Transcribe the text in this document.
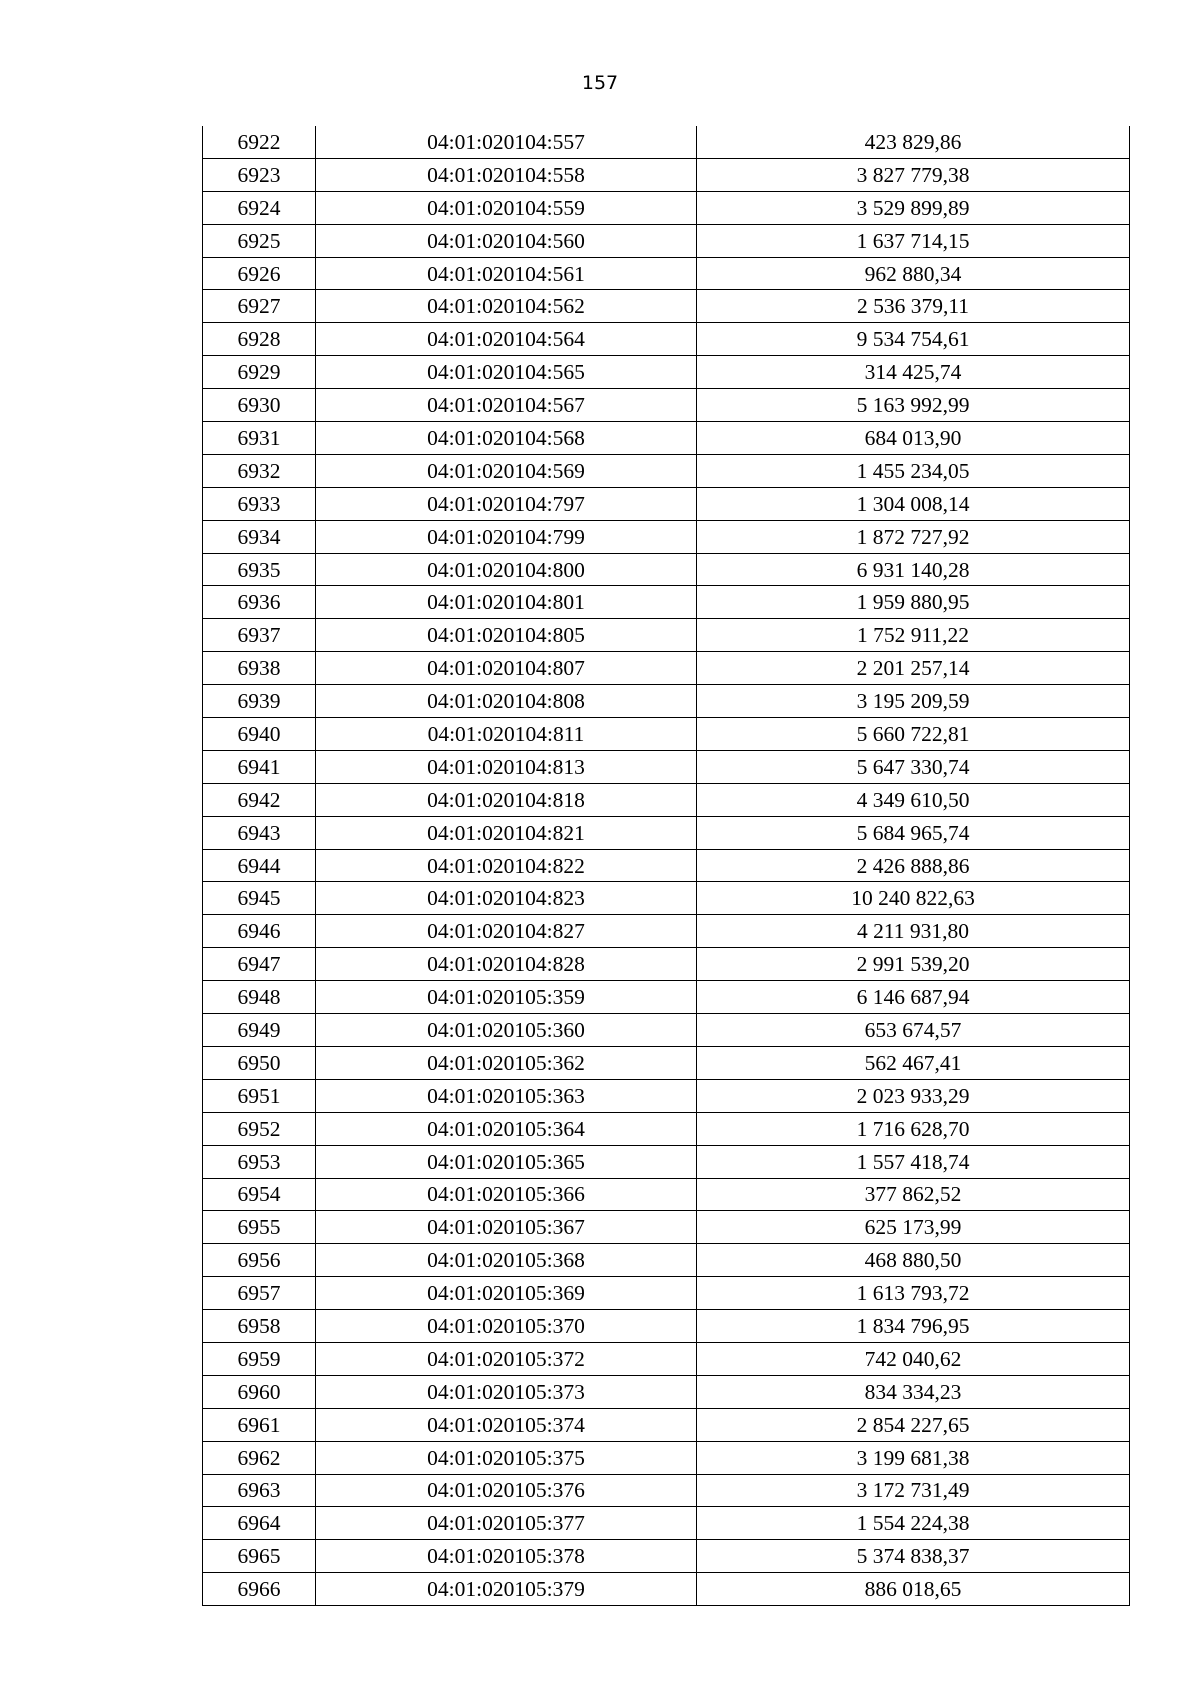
157
6922	04:01:020104:557	423 829,86
6923	04:01:020104:558	3 827 779,38
6924	04:01:020104:559	3 529 899,89
6925	04:01:020104:560	1 637 714,15
6926	04:01:020104:561	962 880,34
6927	04:01:020104:562	2 536 379,11
6928	04:01:020104:564	9 534 754,61
6929	04:01:020104:565	314 425,74
6930	04:01:020104:567	5 163 992,99
6931	04:01:020104:568	684 013,90
6932	04:01:020104:569	1 455 234,05
6933	04:01:020104:797	1 304 008,14
6934	04:01:020104:799	1 872 727,92
6935	04:01:020104:800	6 931 140,28
6936	04:01:020104:801	1 959 880,95
6937	04:01:020104:805	1 752 911,22
6938	04:01:020104:807	2 201 257,14
6939	04:01:020104:808	3 195 209,59
6940	04:01:020104:811	5 660 722,81
6941	04:01:020104:813	5 647 330,74
6942	04:01:020104:818	4 349 610,50
6943	04:01:020104:821	5 684 965,74
6944	04:01:020104:822	2 426 888,86
6945	04:01:020104:823	10 240 822,63
6946	04:01:020104:827	4 211 931,80
6947	04:01:020104:828	2 991 539,20
6948	04:01:020105:359	6 146 687,94
6949	04:01:020105:360	653 674,57
6950	04:01:020105:362	562 467,41
6951	04:01:020105:363	2 023 933,29
6952	04:01:020105:364	1 716 628,70
6953	04:01:020105:365	1 557 418,74
6954	04:01:020105:366	377 862,52
6955	04:01:020105:367	625 173,99
6956	04:01:020105:368	468 880,50
6957	04:01:020105:369	1 613 793,72
6958	04:01:020105:370	1 834 796,95
6959	04:01:020105:372	742 040,62
6960	04:01:020105:373	834 334,23
6961	04:01:020105:374	2 854 227,65
6962	04:01:020105:375	3 199 681,38
6963	04:01:020105:376	3 172 731,49
6964	04:01:020105:377	1 554 224,38
6965	04:01:020105:378	5 374 838,37
6966	04:01:020105:379	886 018,65
